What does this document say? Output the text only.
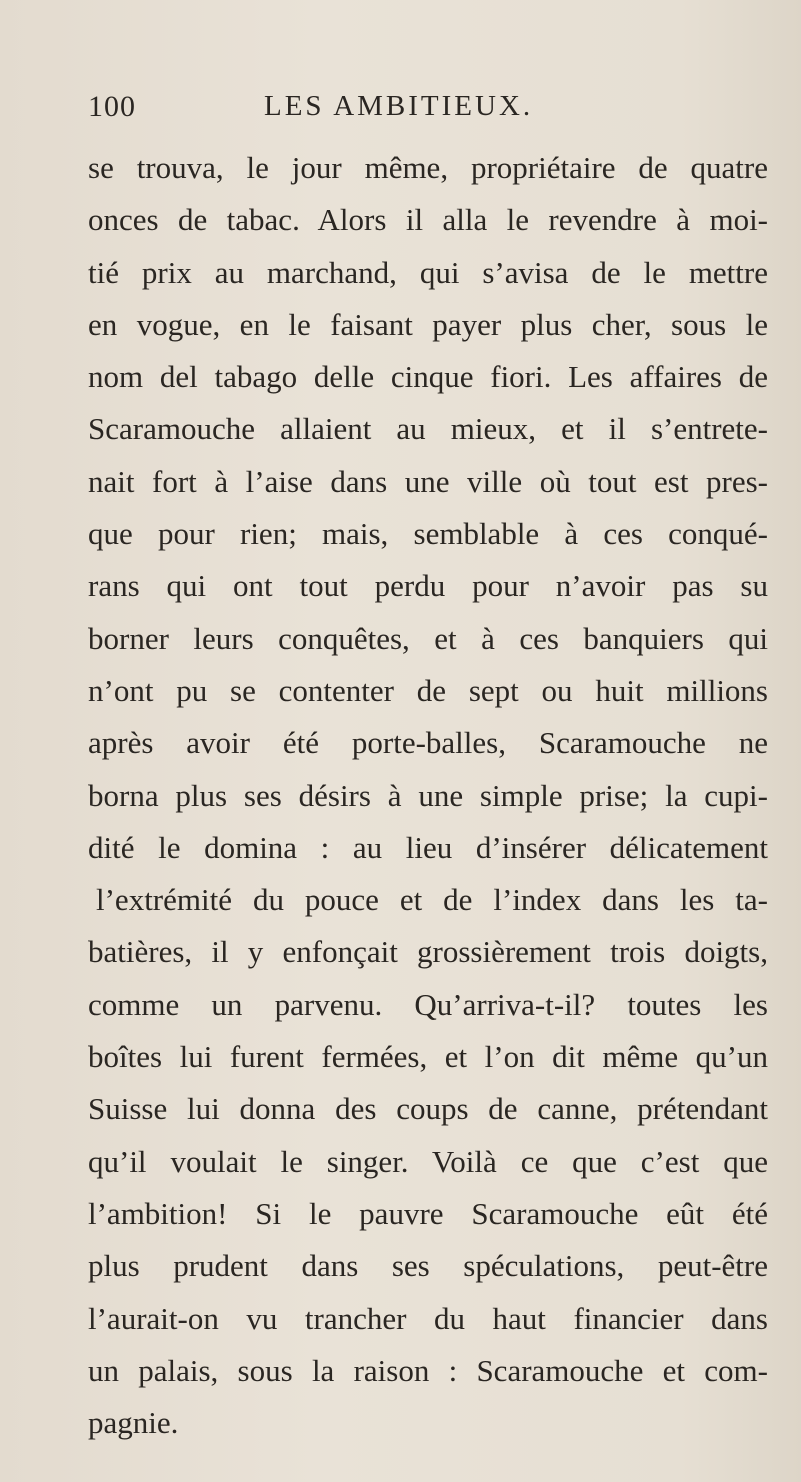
100	LES AMBITIEUX.
se trouva, le jour même, propriétaire de quatre
onces de tabac. Alors il alla le revendre à moi-
tié prix au marchand, qui s’avisa de le mettre
en vogue, en le faisant payer plus cher, sous le
nom del tabago delle cinque fiori. Les affaires de
Scaramouche allaient au mieux, et il s’entrete-
nait fort à l’aise dans une ville où tout est pres-
que pour rien; mais, semblable à ces conqué-
rans qui ont tout perdu pour n’avoir pas su
borner leurs conquêtes, et à ces banquiers qui
n’ont pu se contenter de sept ou huit millions
après avoir été porte-balles, Scaramouche ne
borna plus ses désirs à une simple prise; la cupi-
dité le domina : au lieu d’insérer délicatement
l’extrémité du pouce et de l’index dans les ta-
batières, il y enfonçait grossièrement trois doigts,
comme un parvenu. Qu’arriva-t-il? toutes les
boîtes lui furent fermées, et l’on dit même qu’un
Suisse lui donna des coups de canne, prétendant
qu’il voulait le singer. Voilà ce que c’est que
l’ambition! Si le pauvre Scaramouche eût été
plus prudent dans ses spéculations, peut-être
l’aurait-on vu trancher du haut financier dans
un palais, sous la raison : Scaramouche et com-
pagnie.
